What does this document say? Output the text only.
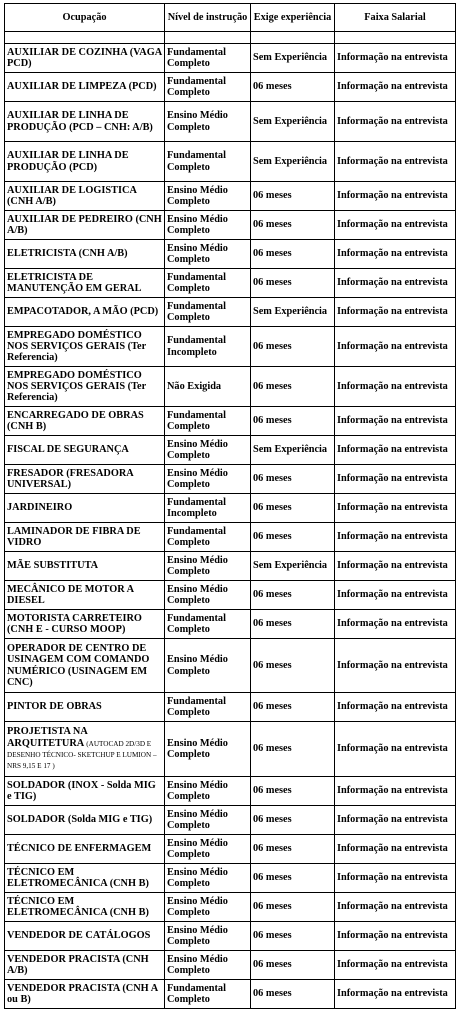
Ocupação	Nível de instrução	Exige experiência	Faixa Salarial

AUXILIAR DE COZINHA (VAGA PCD)	Fundamental Completo	Sem Experiência	Informação na entrevista
AUXILIAR DE LIMPEZA (PCD)	Fundamental Completo	06 meses	Informação na entrevista
AUXILIAR DE LINHA DE PRODUÇÃO (PCD – CNH: A/B)	Ensino Médio Completo	Sem Experiência	Informação na entrevista
AUXILIAR DE LINHA DE PRODUÇÃO (PCD)	Fundamental Completo	Sem Experiência	Informação na entrevista
AUXILIAR DE LOGISTICA (CNH A/B)	Ensino Médio Completo	06 meses	Informação na entrevista
AUXILIAR DE PEDREIRO (CNH A/B)	Ensino Médio Completo	06 meses	Informação na entrevista
ELETRICISTA (CNH A/B)	Ensino Médio Completo	06 meses	Informação na entrevista
ELETRICISTA DE MANUTENÇÃO EM GERAL	Fundamental Completo	06 meses	Informação na entrevista
EMPACOTADOR, A MÃO (PCD)	Fundamental Completo	Sem Experiência	Informação na entrevista
EMPREGADO DOMÉSTICO NOS SERVIÇOS GERAIS (Ter Referencia)	Fundamental Incompleto	06 meses	Informação na entrevista
EMPREGADO DOMÉSTICO NOS SERVIÇOS GERAIS (Ter Referencia)	Não Exigida	06 meses	Informação na entrevista
ENCARREGADO DE OBRAS (CNH B)	Fundamental Completo	06 meses	Informação na entrevista
FISCAL DE SEGURANÇA	Ensino Médio Completo	Sem Experiência	Informação na entrevista
FRESADOR (FRESADORA UNIVERSAL)	Ensino Médio Completo	06 meses	Informação na entrevista
JARDINEIRO	Fundamental Incompleto	06 meses	Informação na entrevista
LAMINADOR DE FIBRA DE VIDRO	Fundamental Completo	06 meses	Informação na entrevista
MÃE SUBSTITUTA	Ensino Médio Completo	Sem Experiência	Informação na entrevista
MECÂNICO DE MOTOR A DIESEL	Ensino Médio Completo	06 meses	Informação na entrevista
MOTORISTA CARRETEIRO (CNH E - CURSO MOOP)	Fundamental Completo	06 meses	Informação na entrevista
OPERADOR DE CENTRO DE USINAGEM COM COMANDO NUMÉRICO (USINAGEM EM CNC)	Ensino Médio Completo	06 meses	Informação na entrevista
PINTOR DE OBRAS	Fundamental Completo	06 meses	Informação na entrevista
PROJETISTA NA ARQUITETURA (AUTOCAD 2D/3D E DESENHO TÉCNICO- SKETCHUP E LUMION – NRS 9,15 E 17 )	Ensino Médio Completo	06 meses	Informação na entrevista
SOLDADOR (INOX - Solda MIG e TIG)	Ensino Médio Completo	06 meses	Informação na entrevista
SOLDADOR (Solda MIG e TIG)	Ensino Médio Completo	06 meses	Informação na entrevista
TÉCNICO DE ENFERMAGEM	Ensino Médio Completo	06 meses	Informação na entrevista
TÉCNICO EM ELETROMECÂNICA (CNH B)	Ensino Médio Completo	06 meses	Informação na entrevista
TÉCNICO EM ELETROMECÂNICA (CNH B)	Ensino Médio Completo	06 meses	Informação na entrevista
VENDEDOR DE CATÁLOGOS	Ensino Médio Completo	06 meses	Informação na entrevista
VENDEDOR PRACISTA (CNH A/B)	Ensino Médio Completo	06 meses	Informação na entrevista
VENDEDOR PRACISTA (CNH A ou B)	Fundamental Completo	06 meses	Informação na entrevista
